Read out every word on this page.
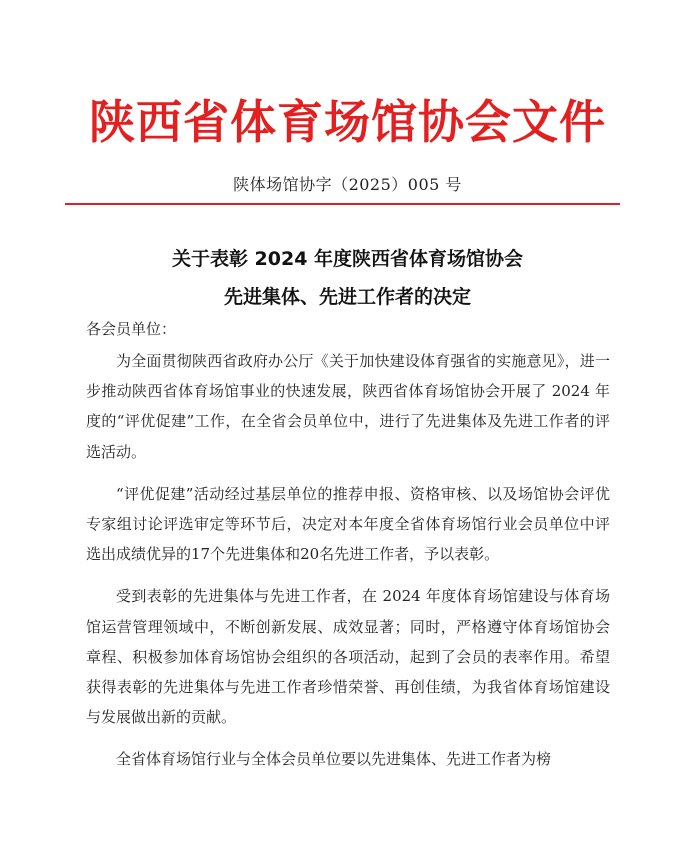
陕西省体育场馆协会文件
陕体场馆协字（2025）005 号
关于表彰 2024 年度陕西省体育场馆协会
先进集体、先进工作者的决定
各会员单位：

为全面贯彻陕西省政府办公厅《关于加快建设体育强省的实施意见》，进一步推动陕西省体育场馆事业的快速发展，陕西省体育场馆协会开展了 2024 年度的“评优促建”工作，在全省会员单位中，进行了先进集体及先进工作者的评选活动。

“评优促建”活动经过基层单位的推荐申报、资格审核、以及场馆协会评优专家组讨论评选审定等环节后，决定对本年度全省体育场馆行业会员单位中评选出成绩优异的17个先进集体和20名先进工作者，予以表彰。

受到表彰的先进集体与先进工作者，在 2024 年度体育场馆建设与体育场馆运营管理领域中，不断创新发展、成效显著；同时，严格遵守体育场馆协会章程、积极参加体育场馆协会组织的各项活动，起到了会员的表率作用。希望获得表彰的先进集体与先进工作者珍惜荣誉、再创佳绩，为我省体育场馆建设与发展做出新的贡献。

全省体育场馆行业与全体会员单位要以先进集体、先进工作者为榜
